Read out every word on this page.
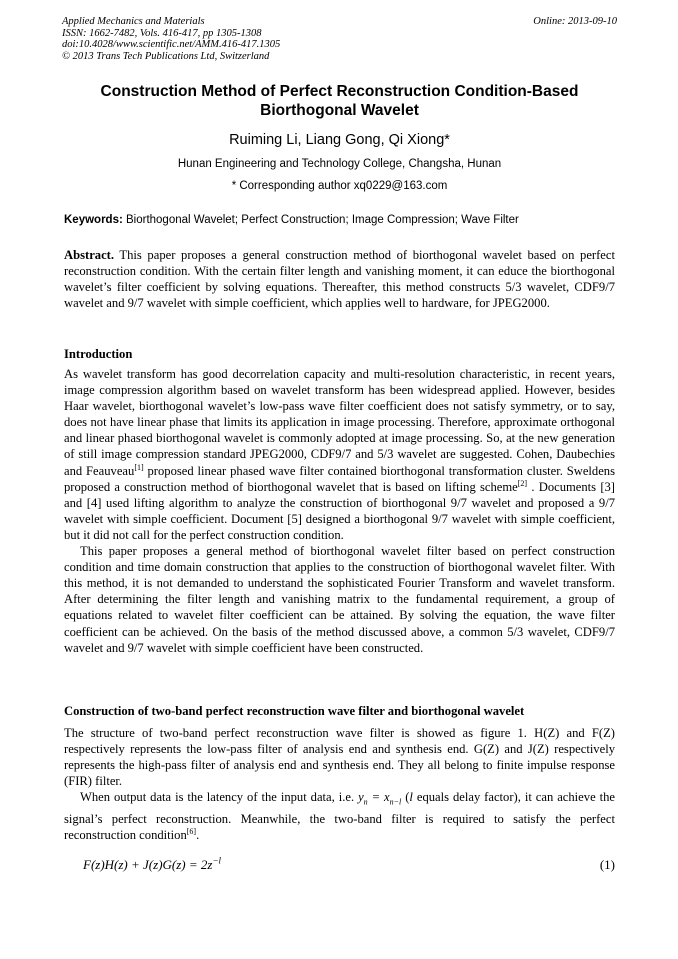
Applied Mechanics and Materials
ISSN: 1662-7482, Vols. 416-417, pp 1305-1308
doi:10.4028/www.scientific.net/AMM.416-417.1305
© 2013 Trans Tech Publications Ltd, Switzerland
Online: 2013-09-10
Construction Method of Perfect Reconstruction Condition-Based
Biorthogonal Wavelet
Ruiming Li, Liang Gong, Qi Xiong*
Hunan Engineering and Technology College, Changsha, Hunan
* Corresponding author xq0229@163.com
Keywords: Biorthogonal Wavelet; Perfect Construction; Image Compression; Wave Filter
Abstract. This paper proposes a general construction method of biorthogonal wavelet based on perfect reconstruction condition. With the certain filter length and vanishing moment, it can educe the biorthogonal wavelet’s filter coefficient by solving equations. Thereafter, this method constructs 5/3 wavelet, CDF9/7 wavelet and 9/7 wavelet with simple coefficient, which applies well to hardware, for JPEG2000.
Introduction

As wavelet transform has good decorrelation capacity and multi-resolution characteristic, in recent years, image compression algorithm based on wavelet transform has been widespread applied. However, besides Haar wavelet, biorthogonal wavelet’s low-pass wave filter coefficient does not satisfy symmetry, or to say, does not have linear phase that limits its application in image processing. Therefore, approximate orthogonal and linear phased biorthogonal wavelet is commonly adopted at image processing. So, at the new generation of still image compression standard JPEG2000, CDF9/7 and 5/3 wavelet are suggested. Cohen, Daubechies and Feauveau[1] proposed linear phased wave filter contained biorthogonal transformation cluster. Sweldens proposed a construction method of biorthogonal wavelet that is based on lifting scheme[2] . Documents [3] and [4] used lifting algorithm to analyze the construction of biorthogonal 9/7 wavelet and proposed a 9/7 wavelet with simple coefficient. Document [5] designed a biorthogonal 9/7 wavelet with simple coefficient, but it did not call for the perfect construction condition.

This paper proposes a general method of biorthogonal wavelet filter based on perfect construction condition and time domain construction that applies to the construction of biorthogonal wavelet filter. With this method, it is not demanded to understand the sophisticated Fourier Transform and wavelet transform. After determining the filter length and vanishing matrix to the fundamental requirement, a group of equations related to wavelet filter coefficient can be attained. By solving the equation, the wave filter coefficient can be achieved. On the basis of the method discussed above, a common 5/3 wavelet, CDF9/7 wavelet and 9/7 wavelet with simple coefficient have been constructed.

Construction of two-band perfect reconstruction wave filter and biorthogonal wavelet

The structure of two-band perfect reconstruction wave filter is showed as figure 1. H(Z) and F(Z) respectively represents the low-pass filter of analysis end and synthesis end. G(Z) and J(Z) respectively represents the high-pass filter of analysis end and synthesis end. They all belong to finite impulse response (FIR) filter.

When output data is the latency of the input data, i.e. $y_n = x_{n-l}$ (l equals delay factor), it can achieve the signal’s perfect reconstruction. Meanwhile, the two-band filter is required to satisfy the perfect reconstruction condition[6].

$F(z)H(z) + J(z)G(z) = 2z^{-l}$	(1)
